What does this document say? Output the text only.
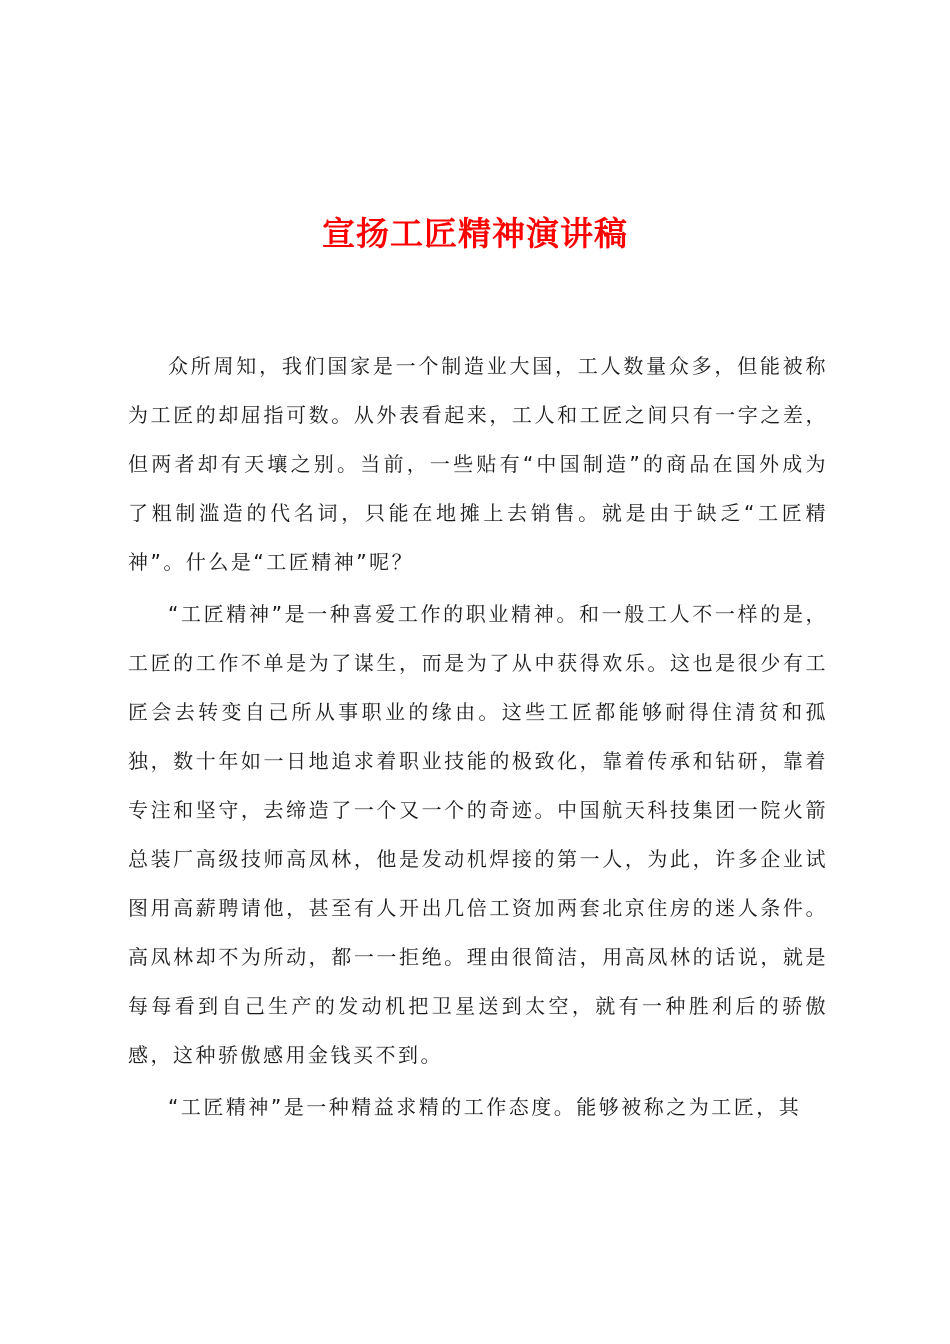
宣扬工匠精神演讲稿

众所周知，我们国家是一个制造业大国，工人数量众多，但能被称为工匠的却屈指可数。从外表看起来，工人和工匠之间只有一字之差，但两者却有天壤之别。当前，一些贴有“中国制造”的商品在国外成为了粗制滥造的代名词，只能在地摊上去销售。就是由于缺乏“工匠精神”。什么是“工匠精神”呢？

“工匠精神”是一种喜爱工作的职业精神。和一般工人不一样的是，工匠的工作不单是为了谋生，而是为了从中获得欢乐。这也是很少有工匠会去转变自己所从事职业的缘由。这些工匠都能够耐得住清贫和孤独，数十年如一日地追求着职业技能的极致化，靠着传承和钻研，靠着专注和坚守，去缔造了一个又一个的奇迹。中国航天科技集团一院火箭总装厂高级技师高凤林，他是发动机焊接的第一人，为此，许多企业试图用高薪聘请他，甚至有人开出几倍工资加两套北京住房的迷人条件。高凤林却不为所动，都一一拒绝。理由很简洁，用高凤林的话说，就是每每看到自己生产的发动机把卫星送到太空，就有一种胜利后的骄傲感，这种骄傲感用金钱买不到。

“工匠精神”是一种精益求精的工作态度。能够被称之为工匠，其
